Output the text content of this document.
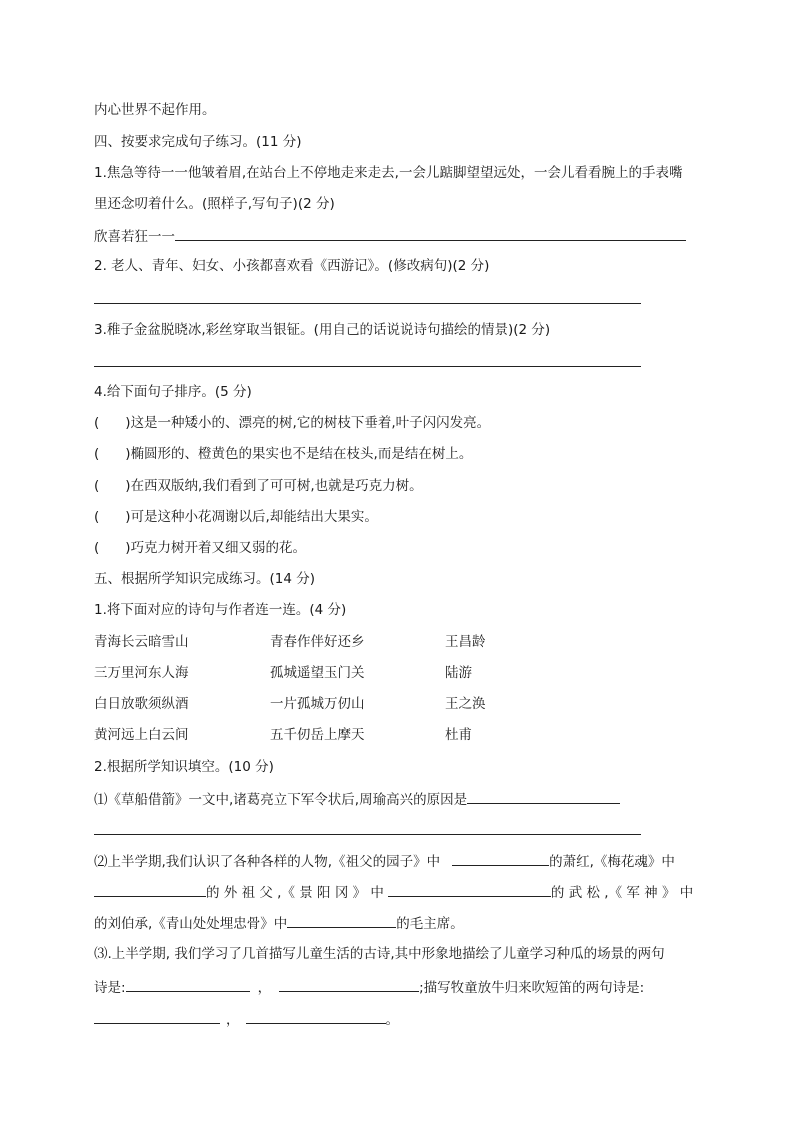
内心世界不起作用。
四、按要求完成句子练习。(11 分)
1.焦急等待一一他皱着眉,在站台上不停地走来走去,一会儿踮脚望望远处，一会儿看看腕上的手表嘴
里还念叨着什么。(照样子,写句子)(2 分)
欣喜若狂一一
2. 老人、青年、妇女、小孩都喜欢看《西游记》。(修改病句)(2 分)
3.稚子金盆脱晓冰,彩丝穿取当银钲。(用自己的话说说诗句描绘的情景)(2 分)
4.给下面句子排序。(5 分)
( )这是一种矮小的、漂亮的树,它的树枝下垂着,叶子闪闪发亮。
( )椭圆形的、橙黄色的果实也不是结在枝头,而是结在树上。
( )在西双版纳,我们看到了可可树,也就是巧克力树。
( )可是这种小花凋谢以后,却能结出大果实。
( )巧克力树开着又细又弱的花。
五、根据所学知识完成练习。(14 分)
1.将下面对应的诗句与作者连一连。(4 分)
青海长云暗雪山	青春作伴好还乡	王昌龄
三万里河东人海	孤城遥望玉门关	陆游
白日放歌须纵酒	一片孤城万仞山	王之涣
黄河远上白云间	五千仞岳上摩天	杜甫
2.根据所学知识填空。(10 分)
⑴《草船借箭》一文中,诸葛亮立下军令状后,周瑜高兴的原因是
⑵上半学期,我们认识了各种各样的人物,《祖父的园子》中	的萧红,《梅花魂》中
的 外 祖 父 ,《 景 阳 冈 》 中	的 武 松 ,《 军 神 》 中
的刘伯承,《青山处处埋忠骨》中	的毛主席。
⑶.上半学期, 我们学习了几首描写儿童生活的古诗,其中形象地描绘了儿童学习种瓜的场景的两句
诗是:	，	;描写牧童放牛归来吹短笛的两句诗是:
，	。
